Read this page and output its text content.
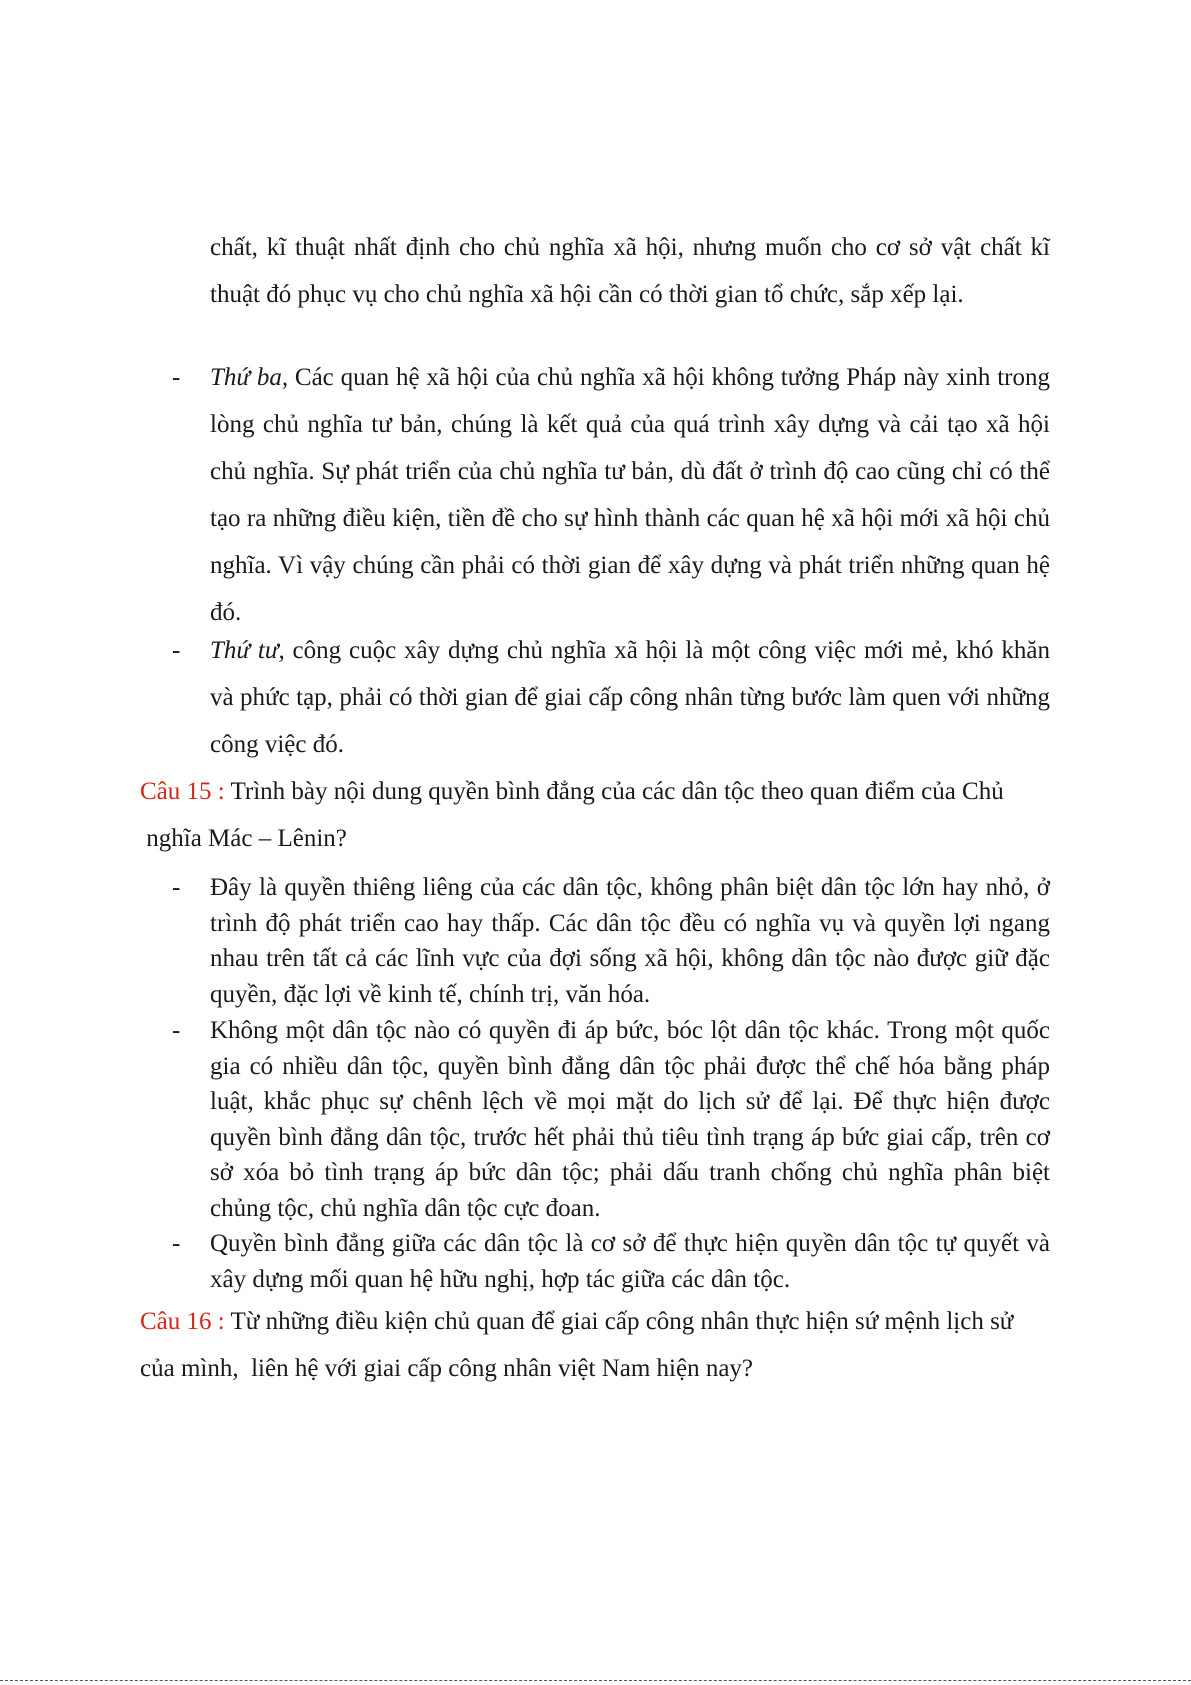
chất, kĩ thuật nhất định cho chủ nghĩa xã hội, nhưng muốn cho cơ sở vật chất kĩ thuật đó phục vụ cho chủ nghĩa xã hội cần có thời gian tổ chức, sắp xếp lại.
-	Thứ ba, Các quan hệ xã hội của chủ nghĩa xã hội không tưởng Pháp này xinh trong lòng chủ nghĩa tư bản, chúng là kết quả của quá trình xây dựng và cải tạo xã hội chủ nghĩa. Sự phát triển của chủ nghĩa tư bản, dù đất ở trình độ cao cũng chỉ có thể tạo ra những điều kiện, tiền đề cho sự hình thành các quan hệ xã hội mới xã hội chủ nghĩa. Vì vậy chúng cần phải có thời gian để xây dựng và phát triển những quan hệ đó.
-	Thứ tư, công cuộc xây dựng chủ nghĩa xã hội là một công việc mới mẻ, khó khăn và phức tạp, phải có thời gian để giai cấp công nhân từng bước làm quen với những công việc đó.
Câu 15 : Trình bày nội dung quyền bình đẳng của các dân tộc theo quan điểm của Chủ
nghĩa Mác – Lênin?
-	Đây là quyền thiêng liêng của các dân tộc, không phân biệt dân tộc lớn hay nhỏ, ở trình độ phát triển cao hay thấp. Các dân tộc đều có nghĩa vụ và quyền lợi ngang nhau trên tất cả các lĩnh vực của đợi sống xã hội, không dân tộc nào được giữ đặc quyền, đặc lợi về kinh tế, chính trị, văn hóa.
-	Không một dân tộc nào có quyền đi áp bức, bóc lột dân tộc khác. Trong một quốc gia có nhiều dân tộc, quyền bình đẳng dân tộc phải được thể chế hóa bằng pháp luật, khắc phục sự chênh lệch về mọi mặt do lịch sử để lại. Để thực hiện được quyền bình đẳng dân tộc, trước hết phải thủ tiêu tình trạng áp bức giai cấp, trên cơ sở xóa bỏ tình trạng áp bức dân tộc; phải dấu tranh chống chủ nghĩa phân biệt chủng tộc, chủ nghĩa dân tộc cực đoan.
-	Quyền bình đẳng giữa các dân tộc là cơ sở để thực hiện quyền dân tộc tự quyết và xây dựng mối quan hệ hữu nghị, hợp tác giữa các dân tộc.
Câu 16 : Từ những điều kiện chủ quan để giai cấp công nhân thực hiện sứ mệnh lịch sử
của mình,  liên hệ với giai cấp công nhân việt Nam hiện nay?
